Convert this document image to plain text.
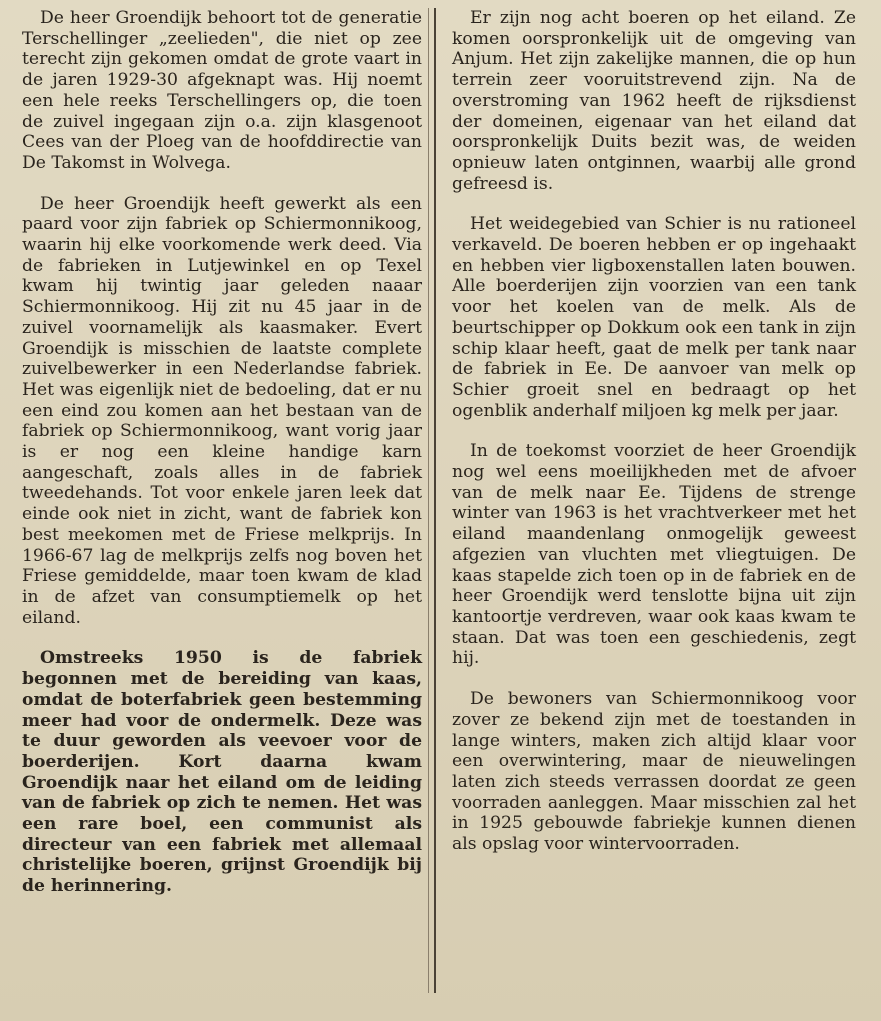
De heer Groendijk behoort tot de generatie Terschellinger „zeelieden", die niet op zee terecht zijn gekomen omdat de grote vaart in de jaren 1929-30 afgeknapt was. Hij noemt een hele reeks Terschellingers op, die toen de zuivel ingegaan zijn o.a. zijn klasgenoot Cees van der Ploeg van de hoofddirectie van De Takomst in Wolvega.

De heer Groendijk heeft gewerkt als een paard voor zijn fabriek op Schiermonnikoog, waarin hij elke voorkomende werk deed. Via de fabrieken in Lutjewinkel en op Texel kwam hij twintig jaar geleden naaar Schiermonnikoog. Hij zit nu 45 jaar in de zuivel voornamelijk als kaasmaker. Evert Groendijk is misschien de laatste complete zuivelbewerker in een Nederlandse fabriek. Het was eigenlijk niet de bedoeling, dat er nu een eind zou komen aan het bestaan van de fabriek op Schiermonnikoog, want vorig jaar is er nog een kleine handige karn aangeschaft, zoals alles in de fabriek tweedehands. Tot voor enkele jaren leek dat einde ook niet in zicht, want de fabriek kon best meekomen met de Friese melkprijs. In 1966-67 lag de melkprijs zelfs nog boven het Friese gemiddelde, maar toen kwam de klad in de afzet van consumptiemelk op het eiland.

Omstreeks 1950 is de fabriek begonnen met de bereiding van kaas, omdat de boterfabriek geen bestemming meer had voor de ondermelk. Deze was te duur geworden als veevoer voor de boerderijen. Kort daarna kwam Groendijk naar het eiland om de leiding van de fabriek op zich te nemen. Het was een rare boel, een communist als directeur van een fabriek met allemaal christelijke boeren, grijnst Groendijk bij de herinnering.

Er zijn nog acht boeren op het eiland. Ze komen oorspronkelijk uit de omgeving van Anjum. Het zijn zakelijke mannen, die op hun terrein zeer vooruitstrevend zijn. Na de overstroming van 1962 heeft de rijksdienst der domeinen, eigenaar van het eiland dat oorspronkelijk Duits bezit was, de weiden opnieuw laten ontginnen, waarbij alle grond gefreesd is.

Het weidegebied van Schier is nu rationeel verkaveld. De boeren hebben er op ingehaakt en hebben vier ligboxenstallen laten bouwen. Alle boerderijen zijn voorzien van een tank voor het koelen van de melk. Als de beurtschipper op Dokkum ook een tank in zijn schip klaar heeft, gaat de melk per tank naar de fabriek in Ee. De aanvoer van melk op Schier groeit snel en bedraagt op het ogenblik anderhalf miljoen kg melk per jaar.

In de toekomst voorziet de heer Groendijk nog wel eens moeilijkheden met de afvoer van de melk naar Ee. Tijdens de strenge winter van 1963 is het vrachtverkeer met het eiland maandenlang onmogelijk geweest afgezien van vluchten met vliegtuigen. De kaas stapelde zich toen op in de fabriek en de heer Groendijk werd tenslotte bijna uit zijn kantoortje verdreven, waar ook kaas kwam te staan. Dat was toen een geschiedenis, zegt hij.

De bewoners van Schiermonnikoog voor zover ze bekend zijn met de toestanden in lange winters, maken zich altijd klaar voor een overwintering, maar de nieuwelingen laten zich steeds verrassen doordat ze geen voorraden aanleggen. Maar misschien zal het in 1925 gebouwde fabriekje kunnen dienen als opslag voor wintervoorraden.
